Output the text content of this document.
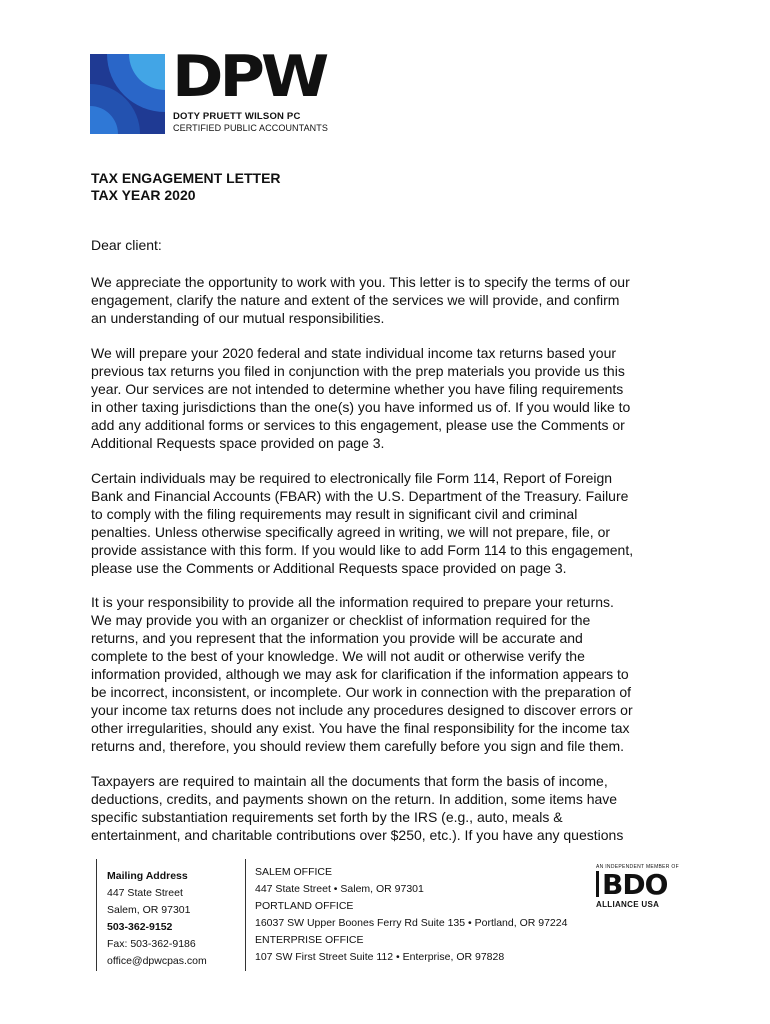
DPW
DOTY PRUETT WILSON PC
CERTIFIED PUBLIC ACCOUNTANTS
TAX ENGAGEMENT LETTER
TAX YEAR 2020

Dear client:

We appreciate the opportunity to work with you. This letter is to specify the terms of our
engagement, clarify the nature and extent of the services we will provide, and confirm
an understanding of our mutual responsibilities.

We will prepare your 2020 federal and state individual income tax returns based your
previous tax returns you filed in conjunction with the prep materials you provide us this
year. Our services are not intended to determine whether you have filing requirements
in other taxing jurisdictions than the one(s) you have informed us of. If you would like to
add any additional forms or services to this engagement, please use the Comments or
Additional Requests space provided on page 3.

Certain individuals may be required to electronically file Form 114, Report of Foreign
Bank and Financial Accounts (FBAR) with the U.S. Department of the Treasury. Failure
to comply with the filing requirements may result in significant civil and criminal
penalties. Unless otherwise specifically agreed in writing, we will not prepare, file, or
provide assistance with this form. If you would like to add Form 114 to this engagement,
please use the Comments or Additional Requests space provided on page 3.

It is your responsibility to provide all the information required to prepare your returns.
We may provide you with an organizer or checklist of information required for the
returns, and you represent that the information you provide will be accurate and
complete to the best of your knowledge. We will not audit or otherwise verify the
information provided, although we may ask for clarification if the information appears to
be incorrect, inconsistent, or incomplete. Our work in connection with the preparation of
your income tax returns does not include any procedures designed to discover errors or
other irregularities, should any exist. You have the final responsibility for the income tax
returns and, therefore, you should review them carefully before you sign and file them.

Taxpayers are required to maintain all the documents that form the basis of income,
deductions, credits, and payments shown on the return. In addition, some items have
specific substantiation requirements set forth by the IRS (e.g., auto, meals &
entertainment, and charitable contributions over $250, etc.). If you have any questions

Mailing Address
447 State Street
Salem, OR 97301
503-362-9152
Fax: 503-362-9186
office@dpwcpas.com
SALEM OFFICE
447 State Street • Salem, OR 97301
PORTLAND OFFICE
16037 SW Upper Boones Ferry Rd Suite 135 • Portland, OR 97224
ENTERPRISE OFFICE
107 SW First Street Suite 112 • Enterprise, OR 97828
AN INDEPENDENT MEMBER OF
BDO
ALLIANCE USA
